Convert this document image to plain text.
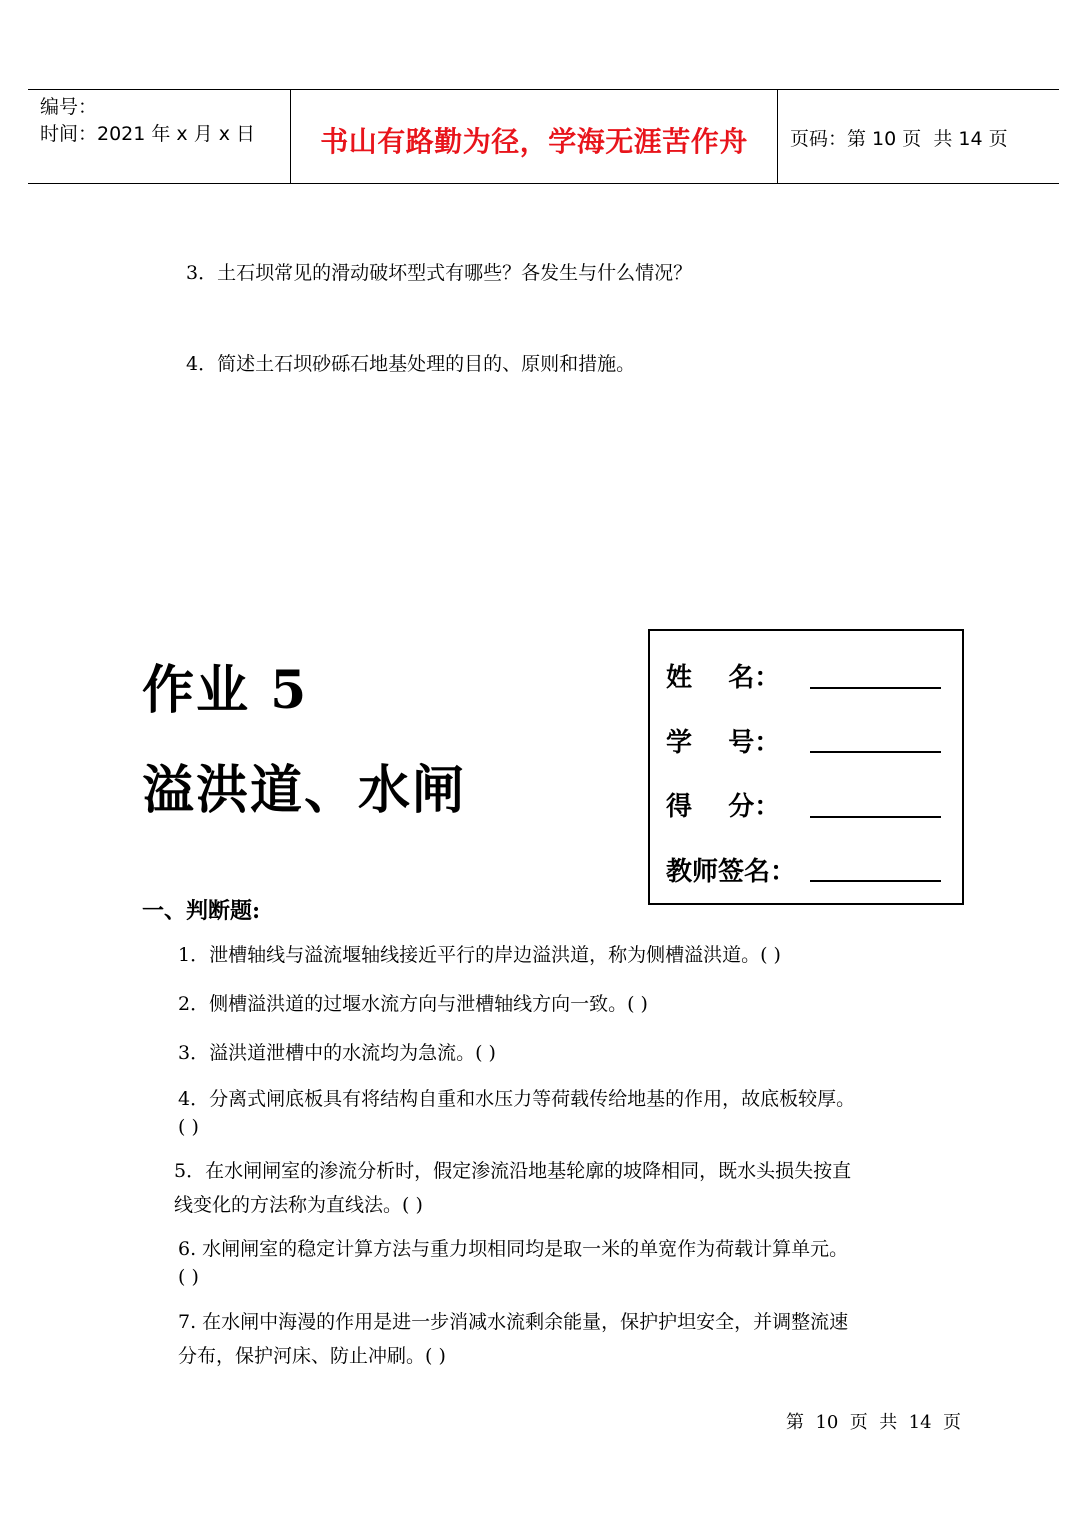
编号：
时间：2021 年 x 月 x 日	书山有路勤为径，学海无涯苦作舟	页码：第 10 页  共 14 页
3．土石坝常见的滑动破坏型式有哪些？各发生与什么情况？
4．简述土石坝砂砾石地基处理的目的、原则和措施。
作业 5
溢洪道、水闸
姓    名：
学    号：
得    分：
教师签名：
一、判断题:
1．泄槽轴线与溢流堰轴线接近平行的岸边溢洪道，称为侧槽溢洪道。( )
2．侧槽溢洪道的过堰水流方向与泄槽轴线方向一致。( )
3．溢洪道泄槽中的水流均为急流。( )
4．分离式闸底板具有将结构自重和水压力等荷载传给地基的作用，故底板较厚。
( )
5．在水闸闸室的渗流分析时，假定渗流沿地基轮廓的坡降相同，既水头损失按直
线变化的方法称为直线法。( )
6. 水闸闸室的稳定计算方法与重力坝相同均是取一米的单宽作为荷载计算单元。
( )
7. 在水闸中海漫的作用是进一步消减水流剩余能量，保护护坦安全，并调整流速
分布，保护河床、防止冲刷。( )
第  10  页  共  14  页
